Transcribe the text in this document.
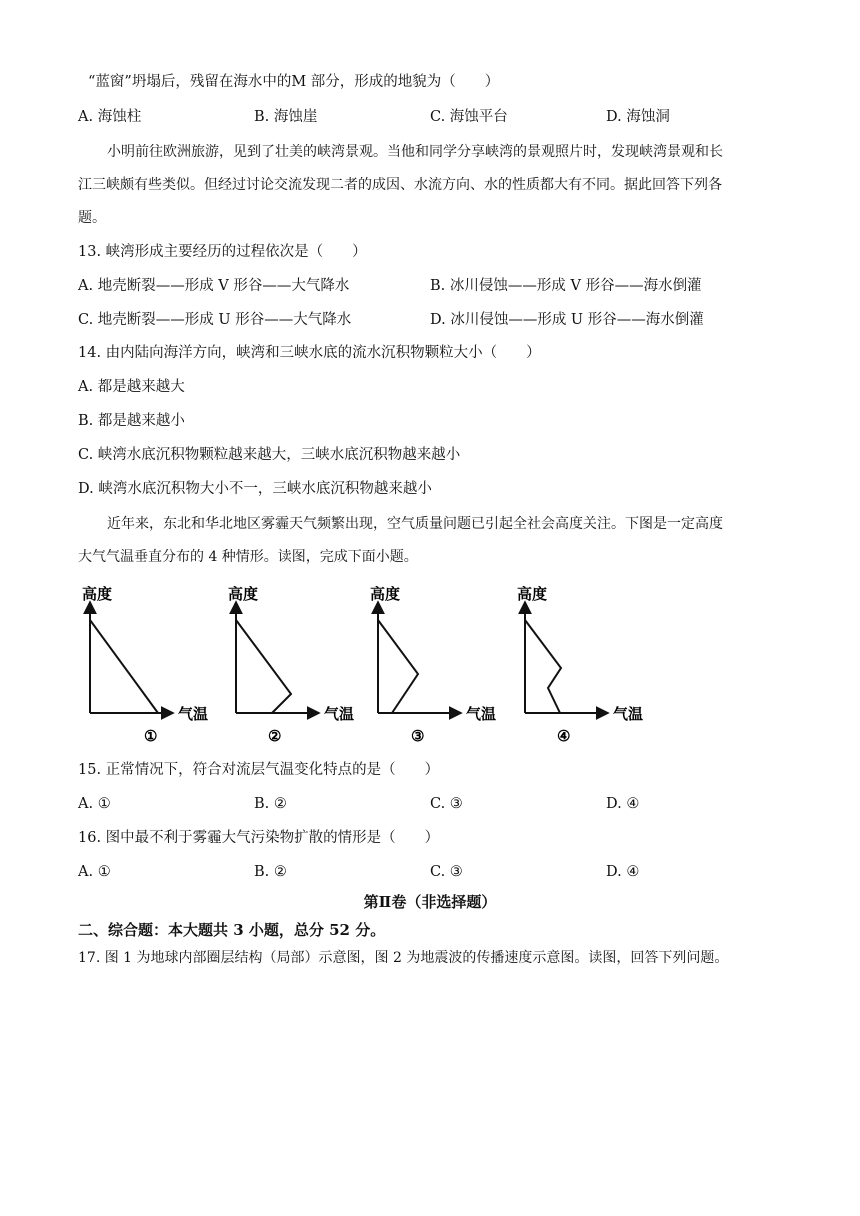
“蓝窗”坍塌后，残留在海水中的M 部分，形成的地貌为（　　）
A. 海蚀柱	B. 海蚀崖	C. 海蚀平台	D. 海蚀洞
小明前往欧洲旅游，见到了壮美的峡湾景观。当他和同学分享峡湾的景观照片时，发现峡湾景观和长
江三峡颇有些类似。但经过讨论交流发现二者的成因、水流方向、水的性质都大有不同。据此回答下列各
题。
13. 峡湾形成主要经历的过程依次是（　　）
A. 地壳断裂——形成 V 形谷——大气降水	B. 冰川侵蚀——形成 V 形谷——海水倒灌
C. 地壳断裂——形成 U 形谷——大气降水	D. 冰川侵蚀——形成 U 形谷——海水倒灌
14. 由内陆向海洋方向，峡湾和三峡水底的流水沉积物颗粒大小（　　）
A. 都是越来越大
B. 都是越来越小
C. 峡湾水底沉积物颗粒越来越大，三峡水底沉积物越来越小
D. 峡湾水底沉积物大小不一，三峡水底沉积物越来越小
近年来，东北和华北地区雾霾天气频繁出现，空气质量问题已引起全社会高度关注。下图是一定高度
大气气温垂直分布的 4 种情形。读图，完成下面小题。
高度
气温
①
高度
气温
②
高度
气温
③
高度
气温
④
15. 正常情况下，符合对流层气温变化特点的是（　　）
A. ①	B. ②	C. ③	D. ④
16. 图中最不利于雾霾大气污染物扩散的情形是（　　）
A. ①	B. ②	C. ③	D. ④
第Ⅱ卷（非选择题）
二、综合题：本大题共 3 小题，总分 52 分。
17. 图 1 为地球内部圈层结构（局部）示意图，图 2 为地震波的传播速度示意图。读图，回答下列问题。
